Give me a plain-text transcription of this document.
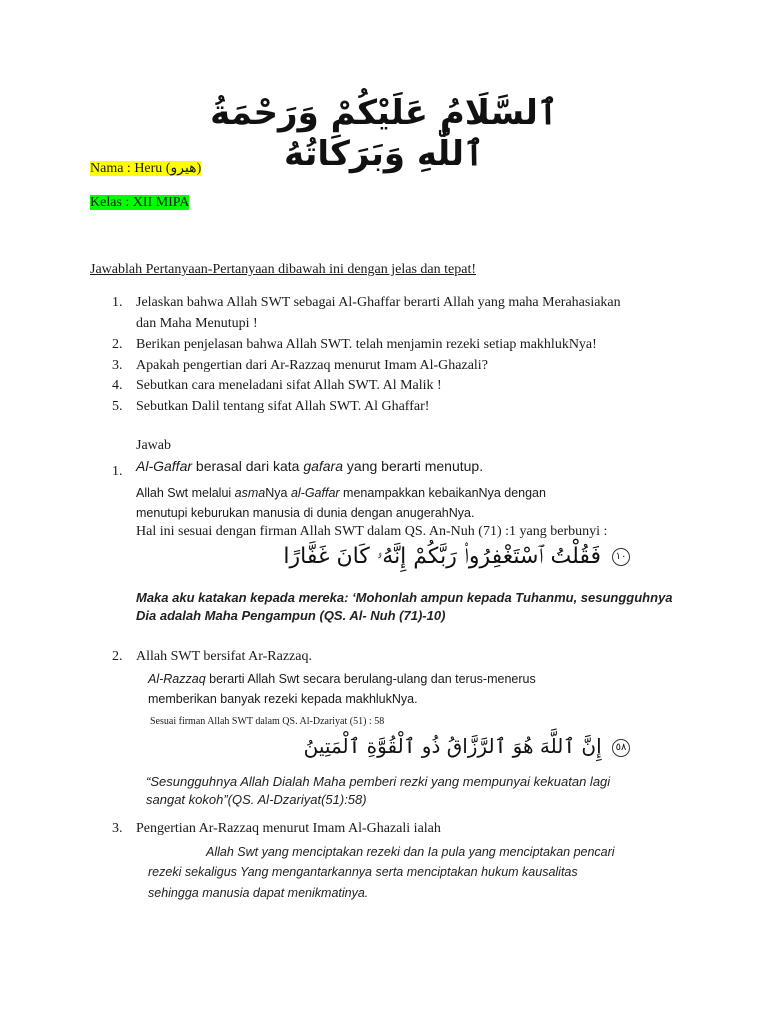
ٱلسَّلَامُ عَلَيْكُمْ وَرَحْمَةُ ٱللّٰهِ وَبَرَكَاتُهُ
Nama : Heru (هيرو)
Kelas : XII MIPA
Jawablah Pertanyaan-Pertanyaan dibawah ini dengan jelas dan tepat!
1. Jelaskan bahwa Allah SWT sebagai Al-Ghaffar berarti Allah yang maha Merahasiakan
dan Maha Menutupi !
2. Berikan penjelasan bahwa Allah SWT. telah menjamin rezeki setiap makhlukNya!
3. Apakah pengertian dari Ar-Razzaq menurut Imam Al-Ghazali?
4. Sebutkan cara meneladani sifat Allah SWT. Al Malik !
5. Sebutkan Dalil tentang sifat Allah SWT. Al Ghaffar!
Jawab
1. Al-Gaffar berasal dari kata gafara yang berarti menutup.
Allah Swt melalui asmaNya al-Gaffar menampakkan kebaikanNya dengan
menutupi keburukan manusia di dunia dengan anugerahNya.
Hal ini sesuai dengan firman Allah SWT dalam QS. An-Nuh (71) :1 yang berbunyi :
١٠ فَقُلْتُ ٱسْتَغْفِرُوا۟ رَبَّكُمْ إِنَّهُۥ كَانَ غَفَّارًا
Maka aku katakan kepada mereka: ‘Mohonlah ampun kepada Tuhanmu, sesungguhnya
Dia adalah Maha Pengampun (QS. Al- Nuh (71)-10)
2. Allah SWT bersifat Ar-Razzaq.
Al-Razzaq berarti Allah Swt secara berulang-ulang dan terus-menerus
memberikan banyak rezeki kepada makhlukNya.
Sesuai firman Allah SWT dalam QS. Al-Dzariyat (51) : 58
٥٨ إِنَّ ٱللَّهَ هُوَ ٱلرَّزَّاقُ ذُو ٱلْقُوَّةِ ٱلْمَتِينُ
“Sesungguhnya Allah Dialah Maha pemberi rezki yang mempunyai kekuatan lagi
sangat kokoh”(QS. Al-Dzariyat(51):58)
3. Pengertian Ar-Razzaq menurut Imam Al-Ghazali ialah
Allah Swt yang menciptakan rezeki dan Ia pula yang menciptakan pencari
rezeki sekaligus Yang mengantarkannya serta menciptakan hukum kausalitas
sehingga manusia dapat menikmatinya.
